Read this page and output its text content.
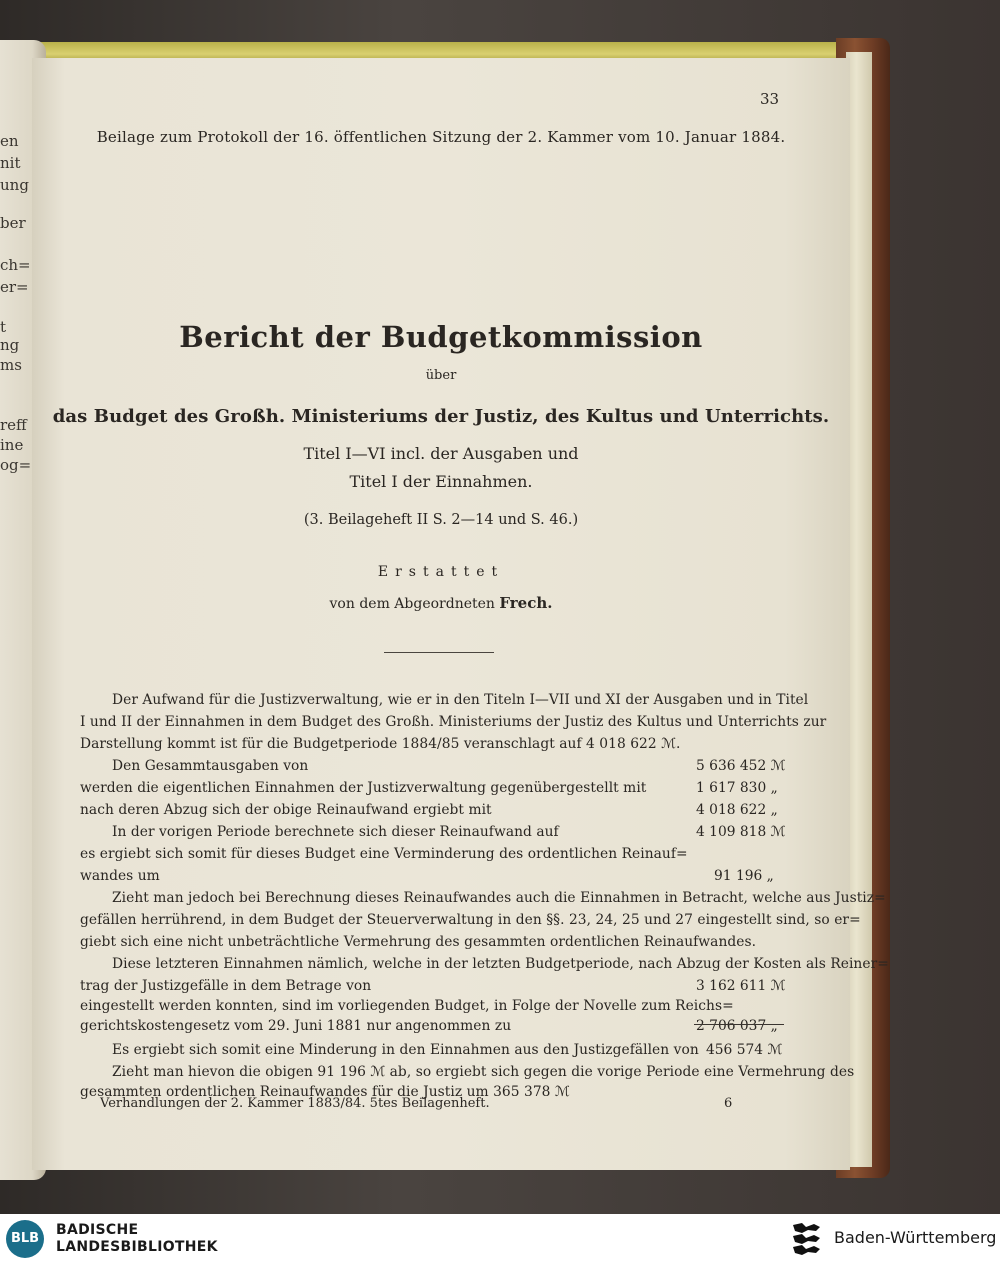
en
nit
ung
ber
ch=
er=
t
ng
ms
reff
ine
og=
33
Beilage zum Protokoll der 16. öffentlichen Sitzung der 2. Kammer vom 10. Januar 1884.
Bericht der Budgetkommission
über
das Budget des Großh. Ministeriums der Justiz, des Kultus und Unterrichts.
Titel I—VI incl. der Ausgaben und
Titel I der Einnahmen.
(3. Beilageheft II S. 2—14 und S. 46.)
Erstattet
von dem Abgeordneten Frech.
Der Aufwand für die Justizverwaltung, wie er in den Titeln I—VII und XI der Ausgaben und in Titel
I und II der Einnahmen in dem Budget des Großh. Ministeriums der Justiz des Kultus und Unterrichts zur
Darstellung kommt ist für die Budgetperiode 1884/85 veranschlagt auf 4 018 622 ℳ.
Den Gesammtausgaben von	5 636 452 ℳ
werden die eigentlichen Einnahmen der Justizverwaltung gegenübergestellt mit	1 617 830 „
nach deren Abzug sich der obige Reinaufwand ergiebt mit	4 018 622 „
In der vorigen Periode berechnete sich dieser Reinaufwand auf	4 109 818 ℳ
es ergiebt sich somit für dieses Budget eine Verminderung des ordentlichen Reinauf=
wandes um	91 196 „
Zieht man jedoch bei Berechnung dieses Reinaufwandes auch die Einnahmen in Betracht, welche aus Justiz=
gefällen herrührend, in dem Budget der Steuerverwaltung in den §§. 23, 24, 25 und 27 eingestellt sind, so er=
giebt sich eine nicht unbeträchtliche Vermehrung des gesammten ordentlichen Reinaufwandes.
Diese letzteren Einnahmen nämlich, welche in der letzten Budgetperiode, nach Abzug der Kosten als Reiner=
trag der Justizgefälle in dem Betrage von	3 162 611 ℳ
eingestellt werden konnten, sind im vorliegenden Budget, in Folge der Novelle zum Reichs=
gerichtskostengesetz vom 29. Juni 1881 nur angenommen zu	2 706 037 „
Es ergiebt sich somit eine Minderung in den Einnahmen aus den Justizgefällen von 456 574 ℳ
Zieht man hievon die obigen 91 196 ℳ ab, so ergiebt sich gegen die vorige Periode eine Vermehrung des
gesammten ordentlichen Reinaufwandes für die Justiz um 365 378 ℳ
Verhandlungen der 2. Kammer 1883/84. 5tes Beilagenheft.	6
BLB
BADISCHE
LANDESBIBLIOTHEK	Baden-Württemberg
